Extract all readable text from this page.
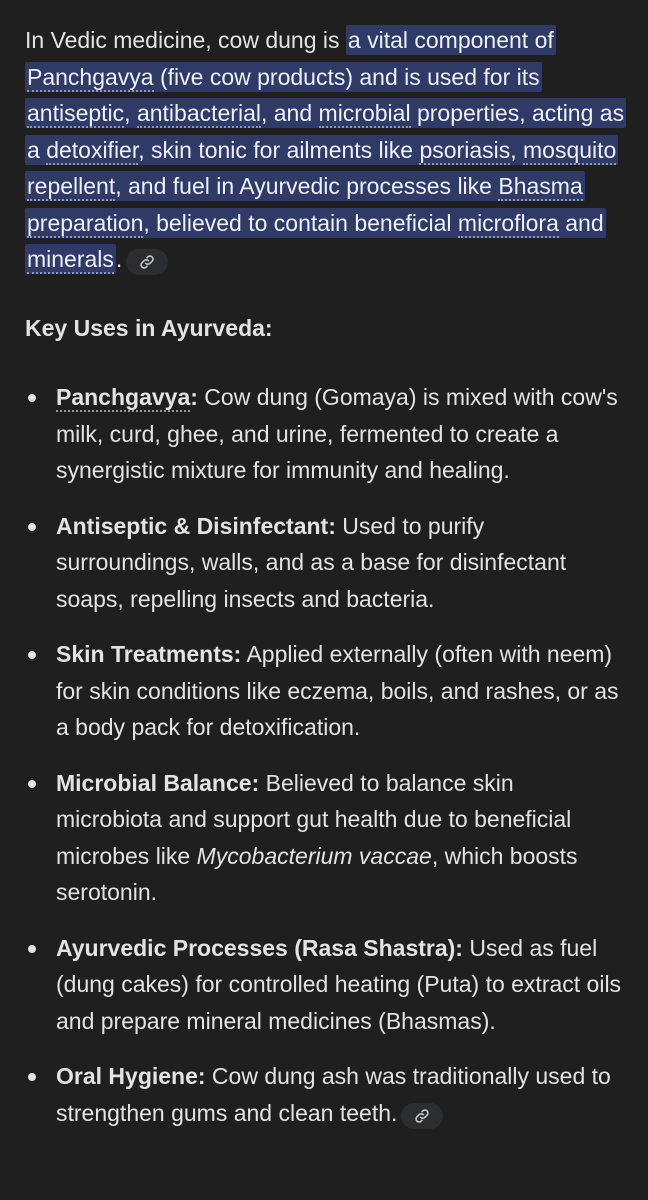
In Vedic medicine, cow dung is a vital component of Panchgavya (five cow products) and is used for its antiseptic, antibacterial, and microbial properties, acting as a detoxifier, skin tonic for ailments like psoriasis, mosquito repellent, and fuel in Ayurvedic processes like Bhasma preparation, believed to contain beneficial microflora and minerals.

Key Uses in Ayurveda:

Panchgavya: Cow dung (Gomaya) is mixed with cow's milk, curd, ghee, and urine, fermented to create a synergistic mixture for immunity and healing.
Antiseptic & Disinfectant: Used to purify surroundings, walls, and as a base for disinfectant soaps, repelling insects and bacteria.
Skin Treatments: Applied externally (often with neem) for skin conditions like eczema, boils, and rashes, or as a body pack for detoxification.
Microbial Balance: Believed to balance skin microbiota and support gut health due to beneficial microbes like Mycobacterium vaccae, which boosts serotonin.
Ayurvedic Processes (Rasa Shastra): Used as fuel (dung cakes) for controlled heating (Puta) to extract oils and prepare mineral medicines (Bhasmas).
Oral Hygiene: Cow dung ash was traditionally used to strengthen gums and clean teeth.
